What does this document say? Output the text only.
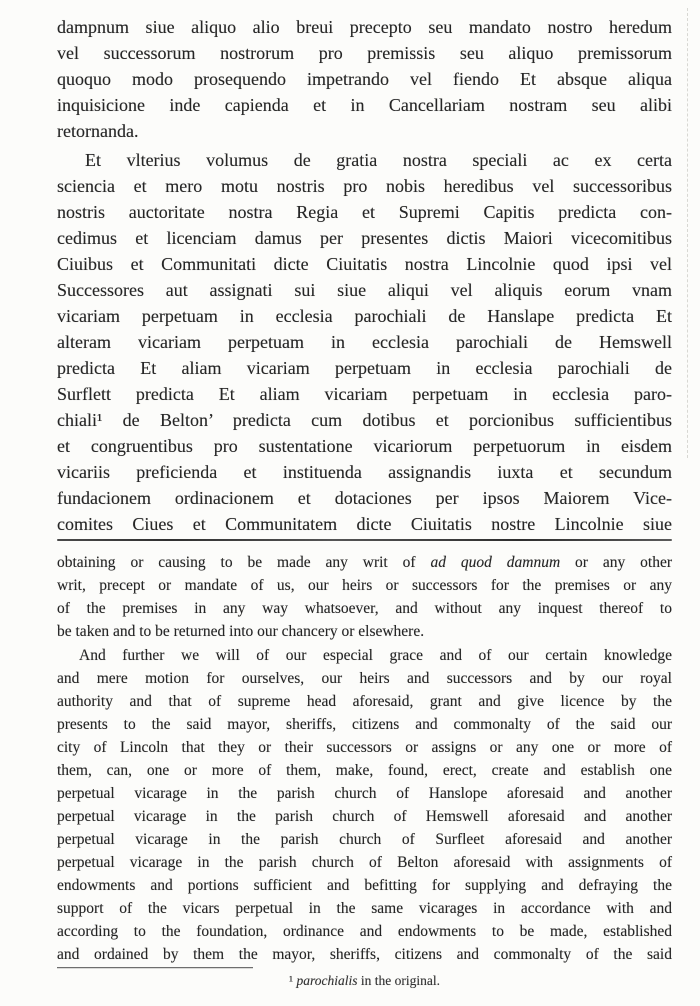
dampnum siue aliquo alio breui precepto seu mandato nostro heredum
vel successorum nostrorum pro premissis seu aliquo premissorum
quoquo modo prosequendo impetrando vel fiendo Et absque aliqua
inquisicione inde capienda et in Cancellariam nostram seu alibi
retornanda.
Et vlterius volumus de gratia nostra speciali ac ex certa
sciencia et mero motu nostris pro nobis heredibus vel successoribus
nostris auctoritate nostra Regia et Supremi Capitis predicta con-
cedimus et licenciam damus per presentes dictis Maiori vicecomitibus
Ciuibus et Communitati dicte Ciuitatis nostra Lincolnie quod ipsi vel
Successores aut assignati sui siue aliqui vel aliquis eorum vnam
vicariam perpetuam in ecclesia parochiali de Hanslape predicta Et
alteram vicariam perpetuam in ecclesia parochiali de Hemswell
predicta Et aliam vicariam perpetuam in ecclesia parochiali de
Surflett predicta Et aliam vicariam perpetuam in ecclesia paro-
chiali¹ de Belton’ predicta cum dotibus et porcionibus sufficientibus
et congruentibus pro sustentatione vicariorum perpetuorum in eisdem
vicariis preficienda et instituenda assignandis iuxta et secundum
fundacionem ordinacionem et dotaciones per ipsos Maiorem Vice-
comites Ciues et Communitatem dicte Ciuitatis nostre Lincolnie siue
obtaining or causing to be made any writ of ad quod damnum or any other
writ, precept or mandate of us, our heirs or successors for the premises or any
of the premises in any way whatsoever, and without any inquest thereof to
be taken and to be returned into our chancery or elsewhere.
And further we will of our especial grace and of our certain knowledge
and mere motion for ourselves, our heirs and successors and by our royal
authority and that of supreme head aforesaid, grant and give licence by the
presents to the said mayor, sheriffs, citizens and commonalty of the said our
city of Lincoln that they or their successors or assigns or any one or more of
them, can, one or more of them, make, found, erect, create and establish one
perpetual vicarage in the parish church of Hanslope aforesaid and another
perpetual vicarage in the parish church of Hemswell aforesaid and another
perpetual vicarage in the parish church of Surfleet aforesaid and another
perpetual vicarage in the parish church of Belton aforesaid with assignments of
endowments and portions sufficient and befitting for supplying and defraying the
support of the vicars perpetual in the same vicarages in accordance with and
according to the foundation, ordinance and endowments to be made, established
and ordained by them the mayor, sheriffs, citizens and commonalty of the said
¹ parochialis in the original.
